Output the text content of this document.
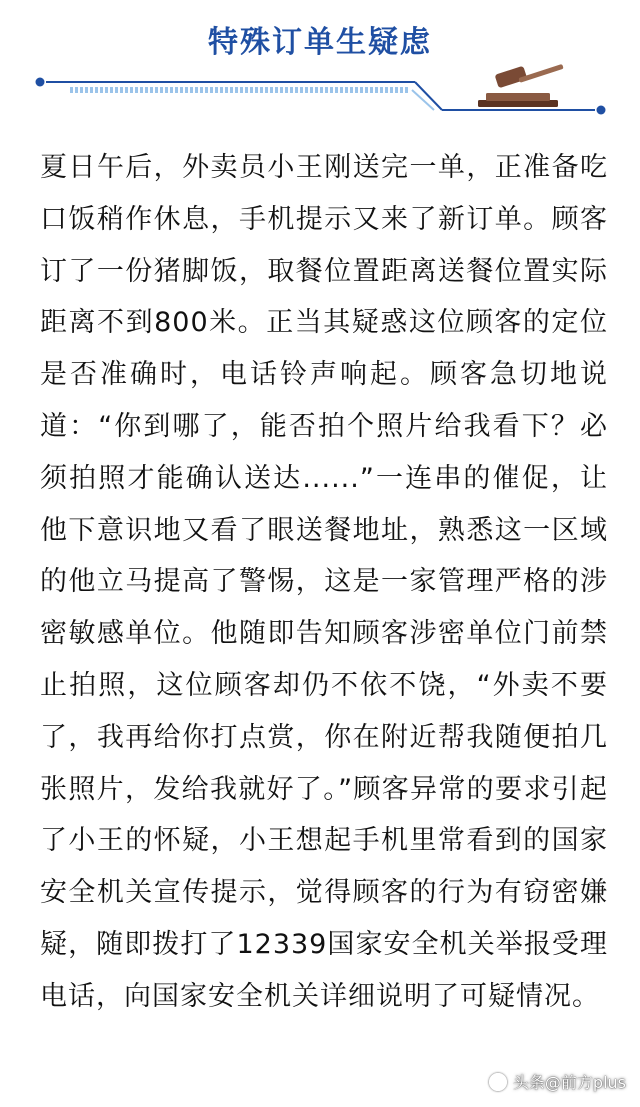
特殊订单生疑虑

夏日午后，外卖员小王刚送完一单，正准备吃口饭稍作休息，手机提示又来了新订单。顾客订了一份猪脚饭，取餐位置距离送餐位置实际距离不到800米。正当其疑惑这位顾客的定位是否准确时，电话铃声响起。顾客急切地说道：“你到哪了，能否拍个照片给我看下？必须拍照才能确认送达......”一连串的催促，让他下意识地又看了眼送餐地址，熟悉这一区域的他立马提高了警惕，这是一家管理严格的涉密敏感单位。他随即告知顾客涉密单位门前禁止拍照，这位顾客却仍不依不饶，“外卖不要了，我再给你打点赏，你在附近帮我随便拍几张照片，发给我就好了。”顾客异常的要求引起了小王的怀疑，小王想起手机里常看到的国家安全机关宣传提示，觉得顾客的行为有窃密嫌疑，随即拨打了12339国家安全机关举报受理电话，向国家安全机关详细说明了可疑情况。

头条@前方plus
